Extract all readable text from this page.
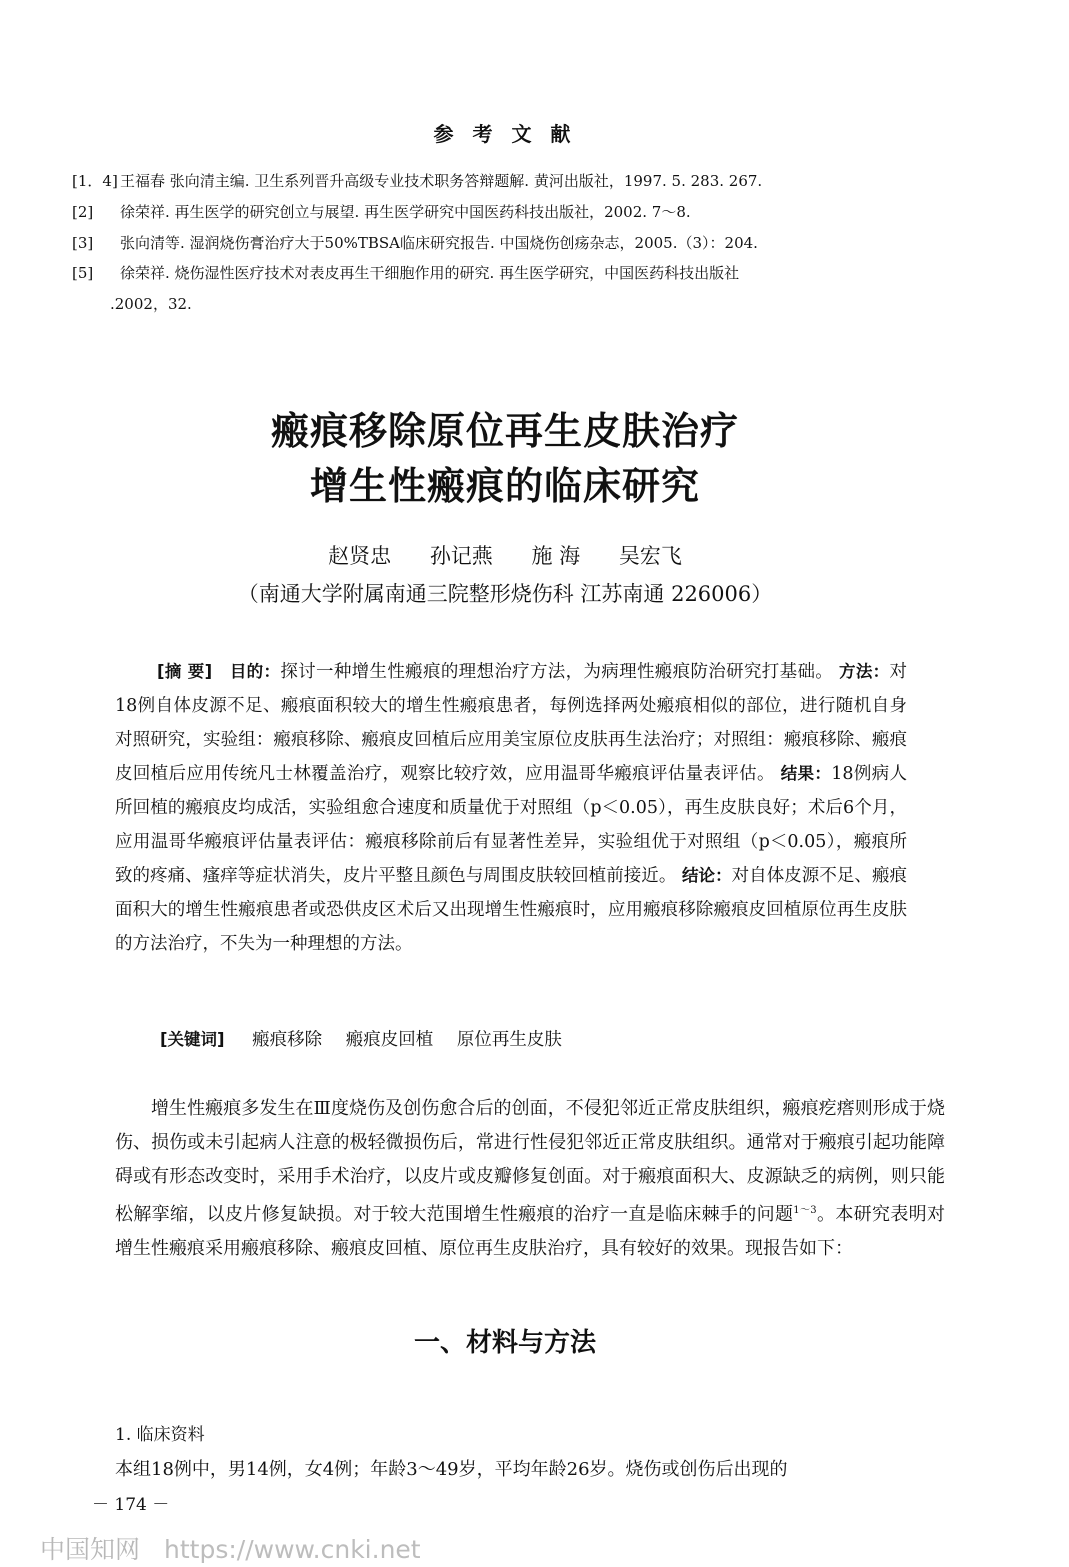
参 考 文 献
[1．4] 王福春 张向清主编. 卫生系列晋升高级专业技术职务答辩题解. 黄河出版社，1997. 5. 283. 267.
[2] 徐荣祥. 再生医学的研究创立与展望. 再生医学研究中国医药科技出版社，2002. 7～8.
[3] 张向清等. 湿润烧伤膏治疗大于50%TBSA临床研究报告. 中国烧伤创疡杂志，2005.（3）：204.
[5] 徐荣祥. 烧伤湿性医疗技术对表皮再生干细胞作用的研究. 再生医学研究，中国医药科技出版社
.2002，32.
瘢痕移除原位再生皮肤治疗
增生性瘢痕的临床研究
赵贤忠 孙记燕 施 海 吴宏飞
（南通大学附属南通三院整形烧伤科 江苏南通 226006）
[摘 要] 目的：探讨一种增生性瘢痕的理想治疗方法，为病理性瘢痕防治研究打基础。 方法：对18例自体皮源不足、瘢痕面积较大的增生性瘢痕患者，每例选择两处瘢痕相似的部位，进行随机自身对照研究，实验组：瘢痕移除、瘢痕皮回植后应用美宝原位皮肤再生法治疗；对照组：瘢痕移除、瘢痕皮回植后应用传统凡士林覆盖治疗，观察比较疗效，应用温哥华瘢痕评估量表评估。 结果：18例病人所回植的瘢痕皮均成活，实验组愈合速度和质量优于对照组（p＜0.05），再生皮肤良好；术后6个月，应用温哥华瘢痕评估量表评估：瘢痕移除前后有显著性差异，实验组优于对照组（p＜0.05），瘢痕所致的疼痛、瘙痒等症状消失，皮片平整且颜色与周围皮肤较回植前接近。 结论：对自体皮源不足、瘢痕面积大的增生性瘢痕患者或恐供皮区术后又出现增生性瘢痕时，应用瘢痕移除瘢痕皮回植原位再生皮肤的方法治疗，不失为一种理想的方法。
[关键词] 瘢痕移除 瘢痕皮回植 原位再生皮肤
增生性瘢痕多发生在Ⅲ度烧伤及创伤愈合后的创面，不侵犯邻近正常皮肤组织，瘢痕疙瘩则形成于烧伤、损伤或未引起病人注意的极轻微损伤后，常进行性侵犯邻近正常皮肤组织。通常对于瘢痕引起功能障碍或有形态改变时，采用手术治疗，以皮片或皮瓣修复创面。对于瘢痕面积大、皮源缺乏的病例，则只能松解挛缩，以皮片修复缺损。对于较大范围增生性瘢痕的治疗一直是临床棘手的问题$^{1\sim 3}$。本研究表明对增生性瘢痕采用瘢痕移除、瘢痕皮回植、原位再生皮肤治疗，具有较好的效果。现报告如下：
一、材料与方法
1. 临床资料
本组18例中，男14例，女4例；年龄3～49岁，平均年龄26岁。烧伤或创伤后出现的
－ 174 －
中国知网 https://www.cnki.net
